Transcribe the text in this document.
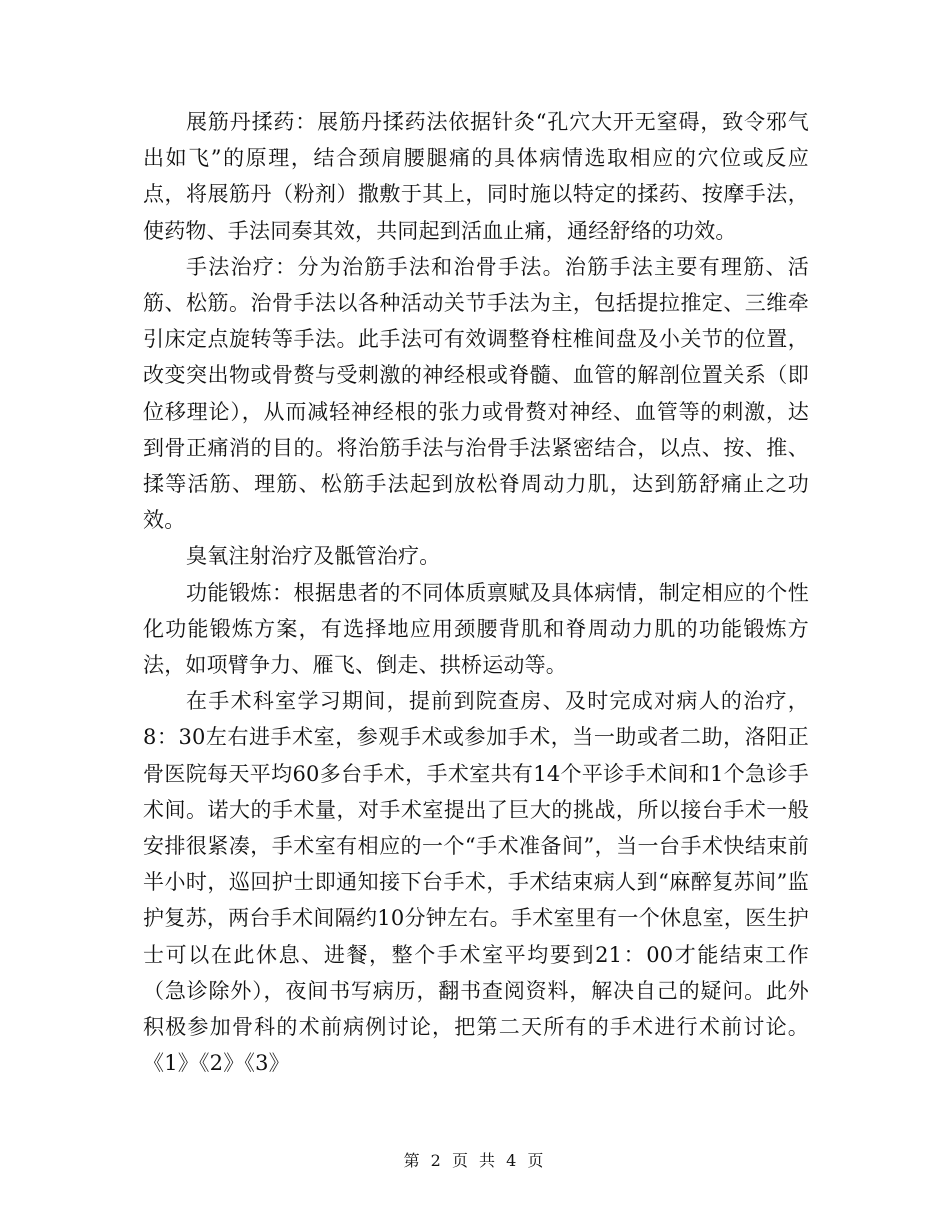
展筋丹揉药：展筋丹揉药法依据针灸“孔穴大开无窒碍，致令邪气出如飞”的原理，结合颈肩腰腿痛的具体病情选取相应的穴位或反应点，将展筋丹（粉剂）撒敷于其上，同时施以特定的揉药、按摩手法，使药物、手法同奏其效，共同起到活血止痛，通经舒络的功效。

手法治疗：分为治筋手法和治骨手法。治筋手法主要有理筋、活筋、松筋。治骨手法以各种活动关节手法为主，包括提拉推定、三维牵引床定点旋转等手法。此手法可有效调整脊柱椎间盘及小关节的位置，改变突出物或骨赘与受刺激的神经根或脊髓、血管的解剖位置关系（即位移理论），从而减轻神经根的张力或骨赘对神经、血管等的刺激，达到骨正痛消的目的。将治筋手法与治骨手法紧密结合，以点、按、推、揉等活筋、理筋、松筋手法起到放松脊周动力肌，达到筋舒痛止之功效。

臭氧注射治疗及骶管治疗。

功能锻炼：根据患者的不同体质禀赋及具体病情，制定相应的个性化功能锻炼方案，有选择地应用颈腰背肌和脊周动力肌的功能锻炼方法，如项臂争力、雁飞、倒走、拱桥运动等。

在手术科室学习期间，提前到院查房、及时完成对病人的治疗，8：30左右进手术室，参观手术或参加手术，当一助或者二助，洛阳正骨医院每天平均60多台手术，手术室共有14个平诊手术间和1个急诊手术间。诺大的手术量，对手术室提出了巨大的挑战，所以接台手术一般安排很紧凑，手术室有相应的一个“手术准备间”，当一台手术快结束前半小时，巡回护士即通知接下台手术，手术结束病人到“麻醉复苏间”监护复苏，两台手术间隔约10分钟左右。手术室里有一个休息室，医生护士可以在此休息、进餐，整个手术室平均要到21：00才能结束工作（急诊除外），夜间书写病历，翻书查阅资料，解决自己的疑问。此外积极参加骨科的术前病例讨论，把第二天所有的手术进行术前讨论。 《1》《2》《3》

第 2 页 共 4 页
